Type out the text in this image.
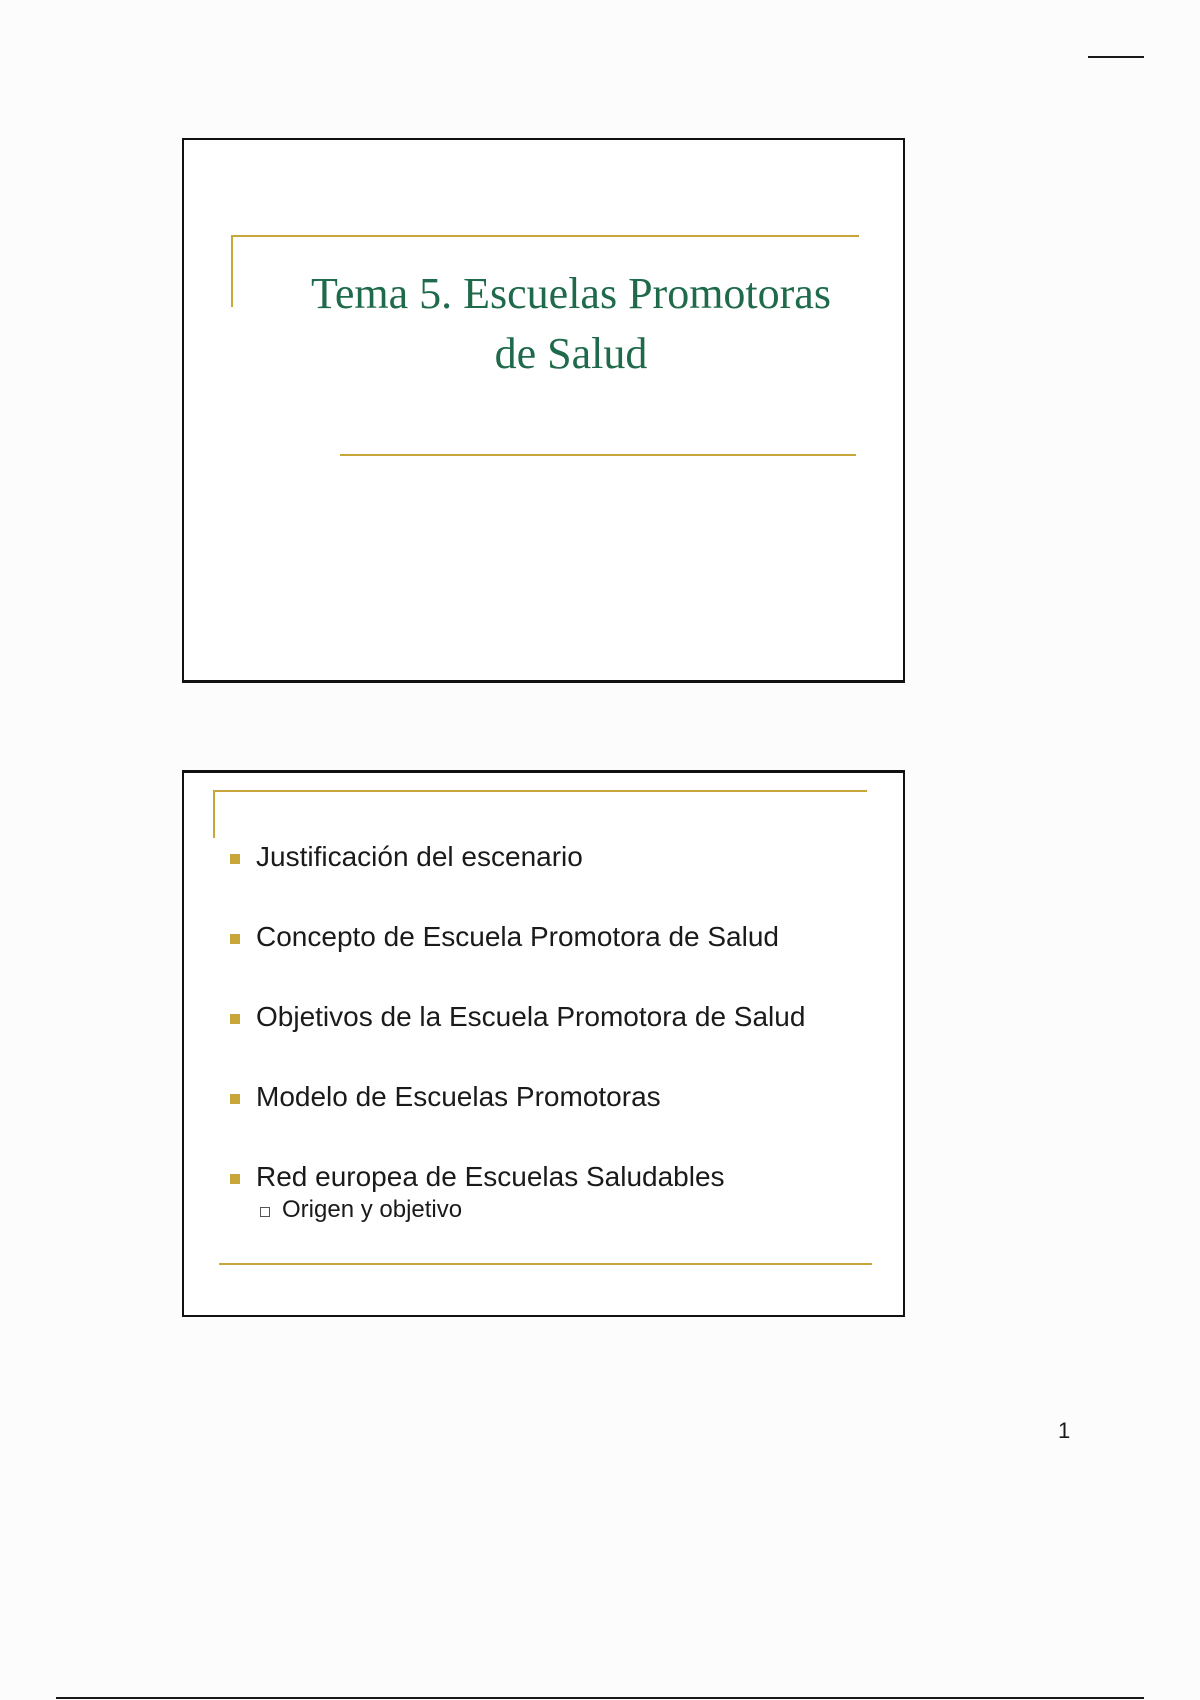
Tema 5. Escuelas Promotoras
de Salud
Justificación del escenario
Concepto de Escuela Promotora de Salud
Objetivos de la Escuela Promotora de Salud
Modelo de Escuelas Promotoras
Red europea de Escuelas Saludables
Origen y objetivo
1
